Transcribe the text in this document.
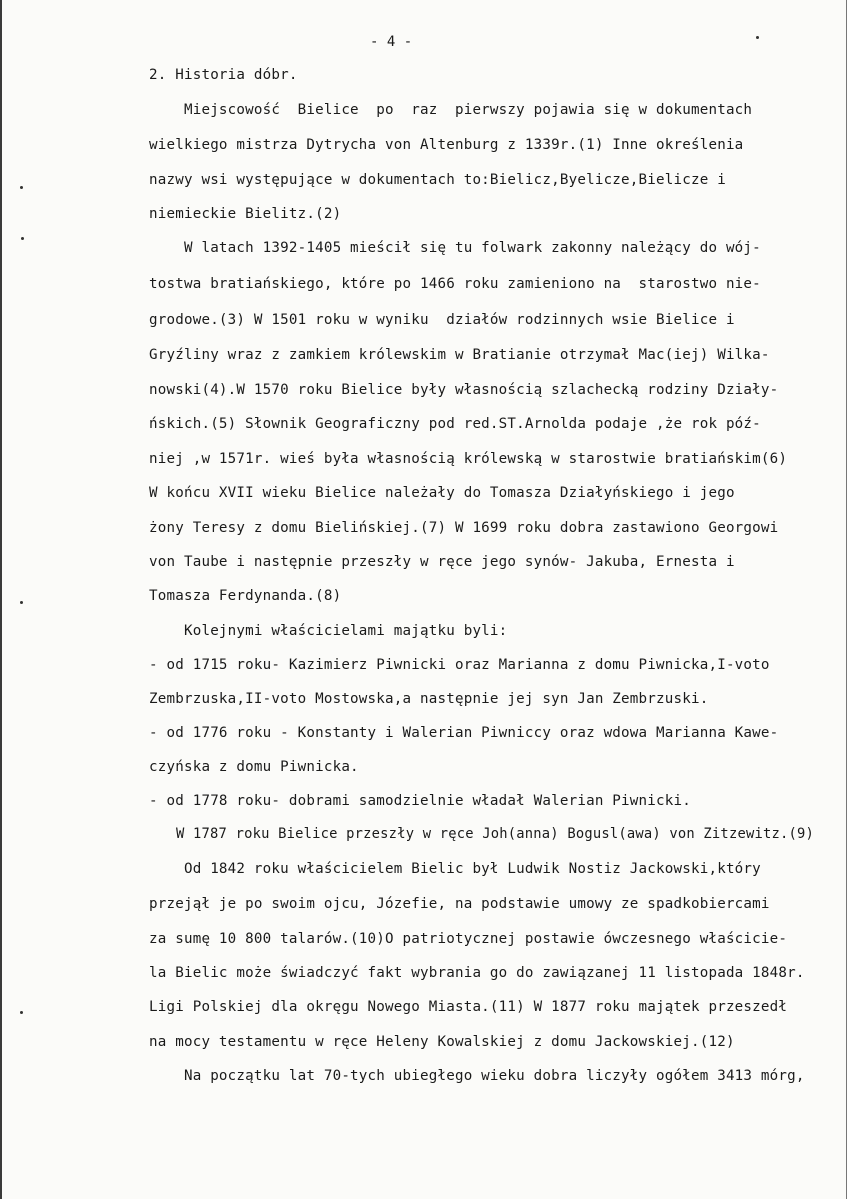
- 4 -
2. Historia dóbr.
Miejscowość  Bielice  po  raz  pierwszy pojawia się w dokumentach
wielkiego mistrza Dytrycha von Altenburg z 1339r.(1) Inne określenia
nazwy wsi występujące w dokumentach to:Bielicz,Byelicze,Bielicze i
niemieckie Bielitz.(2)
W latach 1392-1405 mieścił się tu folwark zakonny należący do wój-
tostwa bratiańskiego, które po 1466 roku zamieniono na  starostwo nie-
grodowe.(3) W 1501 roku w wyniku  działów rodzinnych wsie Bielice i
Gryźliny wraz z zamkiem królewskim w Bratianie otrzymał Mac(iej) Wilka-
nowski(4).W 1570 roku Bielice były własnością szlachecką rodziny Działy-
ńskich.(5) Słownik Geograficzny pod red.ST.Arnolda podaje ,że rok póź-
niej ,w 1571r. wieś była własnością królewską w starostwie bratiańskim(6)
W końcu XVII wieku Bielice należały do Tomasza Działyńskiego i jego
żony Teresy z domu Bielińskiej.(7) W 1699 roku dobra zastawiono Georgowi
von Taube i następnie przeszły w ręce jego synów- Jakuba, Ernesta i
Tomasza Ferdynanda.(8)
Kolejnymi właścicielami majątku byli:
- od 1715 roku- Kazimierz Piwnicki oraz Marianna z domu Piwnicka,I-voto
Zembrzuska,II-voto Mostowska,a następnie jej syn Jan Zembrzuski.
- od 1776 roku - Konstanty i Walerian Piwniccy oraz wdowa Marianna Kawe-
czyńska z domu Piwnicka.
- od 1778 roku- dobrami samodzielnie władał Walerian Piwnicki.
W 1787 roku Bielice przeszły w ręce Joh(anna) Bogusl(awa) von Zitzewitz.(9)
Od 1842 roku właścicielem Bielic był Ludwik Nostiz Jackowski,który
przejął je po swoim ojcu, Józefie, na podstawie umowy ze spadkobiercami
za sumę 10 800 talarów.(10)O patriotycznej postawie ówczesnego właściciе-
la Bielic może świadczyć fakt wybrania go do zawiązanej 11 listopada 1848r.
Ligi Polskiej dla okręgu Nowego Miasta.(11) W 1877 roku majątek przeszedł
na mocy testamentu w ręce Heleny Kowalskiej z domu Jackowskiej.(12)
Na początku lat 70-tych ubiegłego wieku dobra liczyły ogółem 3413 mórg,
